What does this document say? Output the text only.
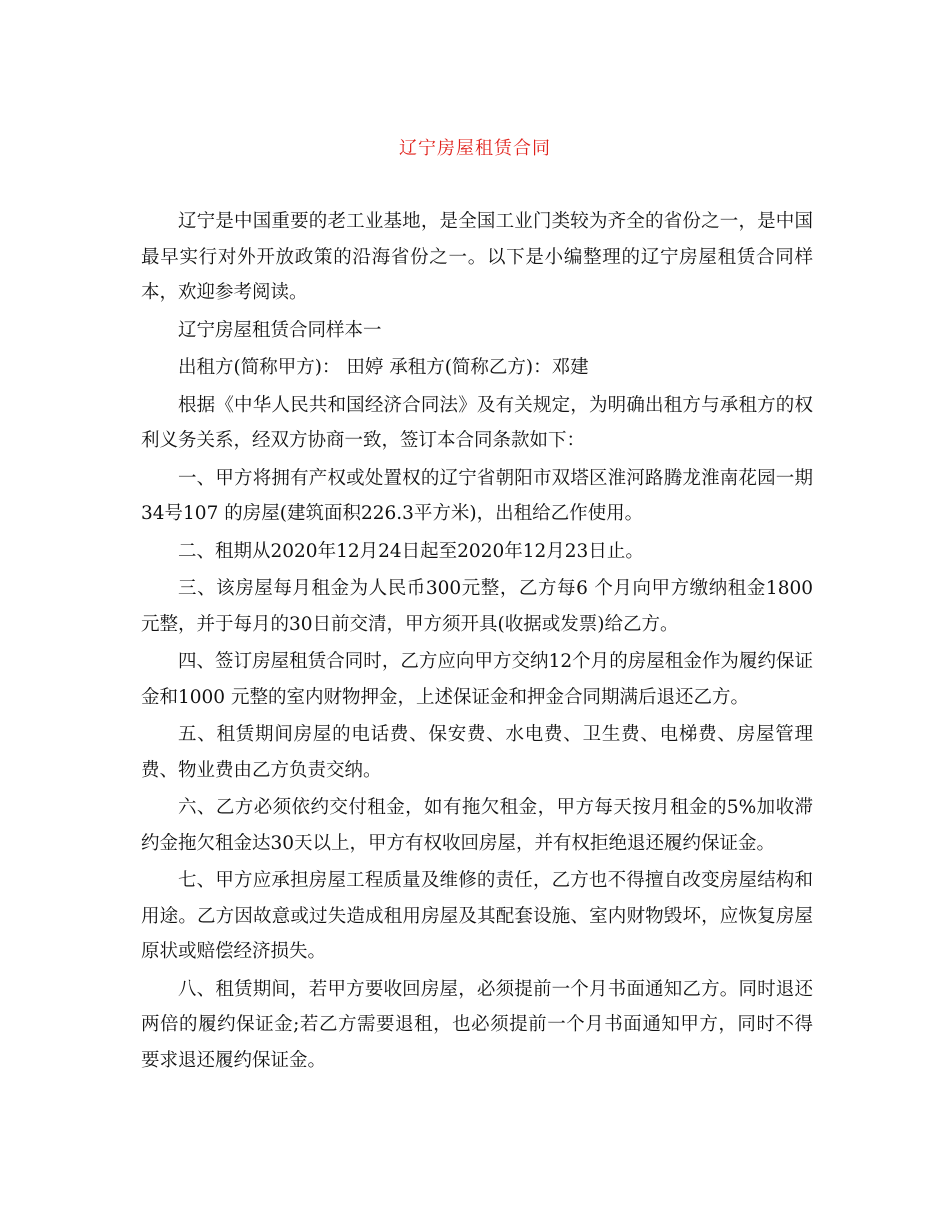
辽宁房屋租赁合同

辽宁是中国重要的老工业基地，是全国工业门类较为齐全的省份之一，是中国最早实行对外开放政策的沿海省份之一。以下是小编整理的辽宁房屋租赁合同样本，欢迎参考阅读。

辽宁房屋租赁合同样本一

出租方(简称甲方)： 田婷 承租方(简称乙方)：邓建

根据《中华人民共和国经济合同法》及有关规定，为明确出租方与承租方的权利义务关系，经双方协商一致，签订本合同条款如下：

一、甲方将拥有产权或处置权的辽宁省朝阳市双塔区淮河路腾龙淮南花园一期34号107 的房屋(建筑面积226.3平方米)，出租给乙作使用。

二、租期从2020年12月24日起至2020年12月23日止。

三、该房屋每月租金为人民币300元整，乙方每6 个月向甲方缴纳租金1800元整，并于每月的30日前交清，甲方须开具(收据或发票)给乙方。

四、签订房屋租赁合同时，乙方应向甲方交纳12个月的房屋租金作为履约保证金和1000 元整的室内财物押金，上述保证金和押金合同期满后退还乙方。

五、租赁期间房屋的电话费、保安费、水电费、卫生费、电梯费、房屋管理费、物业费由乙方负责交纳。

六、乙方必须依约交付租金，如有拖欠租金，甲方每天按月租金的5%加收滞约金拖欠租金达30天以上，甲方有权收回房屋，并有权拒绝退还履约保证金。

七、甲方应承担房屋工程质量及维修的责任，乙方也不得擅自改变房屋结构和用途。乙方因故意或过失造成租用房屋及其配套设施、室内财物毁坏，应恢复房屋原状或赔偿经济损失。

八、租赁期间，若甲方要收回房屋，必须提前一个月书面通知乙方。同时退还两倍的履约保证金;若乙方需要退租，也必须提前一个月书面通知甲方，同时不得要求退还履约保证金。
